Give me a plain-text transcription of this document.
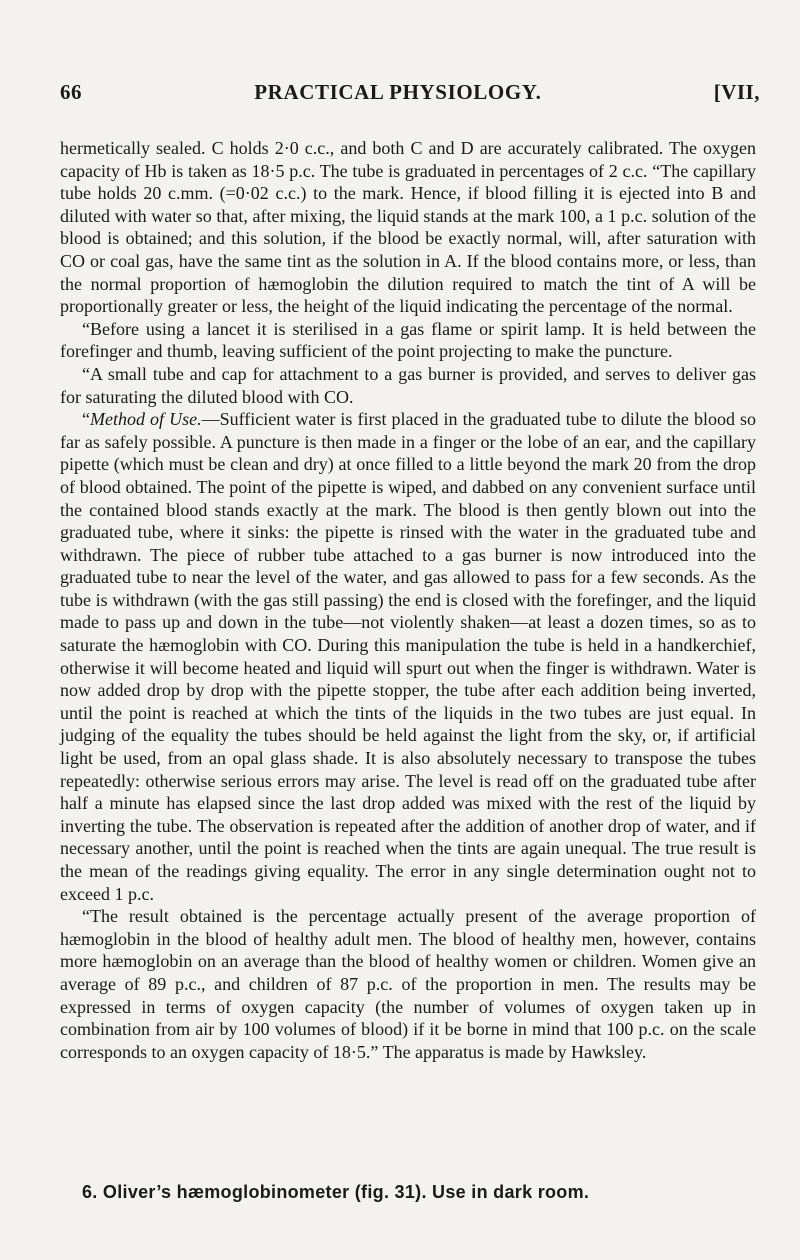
66	PRACTICAL PHYSIOLOGY.	[VII,

hermetically sealed. C holds 2·0 c.c., and both C and D are accurately calibrated. The oxygen capacity of Hb is taken as 18·5 p.c. The tube is graduated in percentages of 2 c.c. “The capillary tube holds 20 c.mm. (=0·02 c.c.) to the mark. Hence, if blood filling it is ejected into B and diluted with water so that, after mixing, the liquid stands at the mark 100, a 1 p.c. solution of the blood is obtained; and this solution, if the blood be exactly normal, will, after saturation with CO or coal gas, have the same tint as the solution in A. If the blood contains more, or less, than the normal proportion of hæmoglobin the dilution required to match the tint of A will be proportionally greater or less, the height of the liquid indicating the percentage of the normal.

“Before using a lancet it is sterilised in a gas flame or spirit lamp. It is held between the forefinger and thumb, leaving sufficient of the point projecting to make the puncture.

“A small tube and cap for attachment to a gas burner is provided, and serves to deliver gas for saturating the diluted blood with CO.

“Method of Use.—Sufficient water is first placed in the graduated tube to dilute the blood so far as safely possible. A puncture is then made in a finger or the lobe of an ear, and the capillary pipette (which must be clean and dry) at once filled to a little beyond the mark 20 from the drop of blood obtained. The point of the pipette is wiped, and dabbed on any convenient surface until the contained blood stands exactly at the mark. The blood is then gently blown out into the graduated tube, where it sinks: the pipette is rinsed with the water in the graduated tube and withdrawn. The piece of rubber tube attached to a gas burner is now introduced into the graduated tube to near the level of the water, and gas allowed to pass for a few seconds. As the tube is withdrawn (with the gas still passing) the end is closed with the forefinger, and the liquid made to pass up and down in the tube—not violently shaken—at least a dozen times, so as to saturate the hæmoglobin with CO. During this manipulation the tube is held in a handkerchief, otherwise it will become heated and liquid will spurt out when the finger is withdrawn. Water is now added drop by drop with the pipette stopper, the tube after each addition being inverted, until the point is reached at which the tints of the liquids in the two tubes are just equal. In judging of the equality the tubes should be held against the light from the sky, or, if artificial light be used, from an opal glass shade. It is also absolutely necessary to transpose the tubes repeatedly: otherwise serious errors may arise. The level is read off on the graduated tube after half a minute has elapsed since the last drop added was mixed with the rest of the liquid by inverting the tube. The observation is repeated after the addition of another drop of water, and if necessary another, until the point is reached when the tints are again unequal. The true result is the mean of the readings giving equality. The error in any single determination ought not to exceed 1 p.c.

“The result obtained is the percentage actually present of the average proportion of hæmoglobin in the blood of healthy adult men. The blood of healthy men, however, contains more hæmoglobin on an average than the blood of healthy women or children. Women give an average of 89 p.c., and children of 87 p.c. of the proportion in men. The results may be expressed in terms of oxygen capacity (the number of volumes of oxygen taken up in combination from air by 100 volumes of blood) if it be borne in mind that 100 p.c. on the scale corresponds to an oxygen capacity of 18·5.” The apparatus is made by Hawksley.

6. Oliver’s hæmoglobinometer (fig. 31). Use in dark room.
